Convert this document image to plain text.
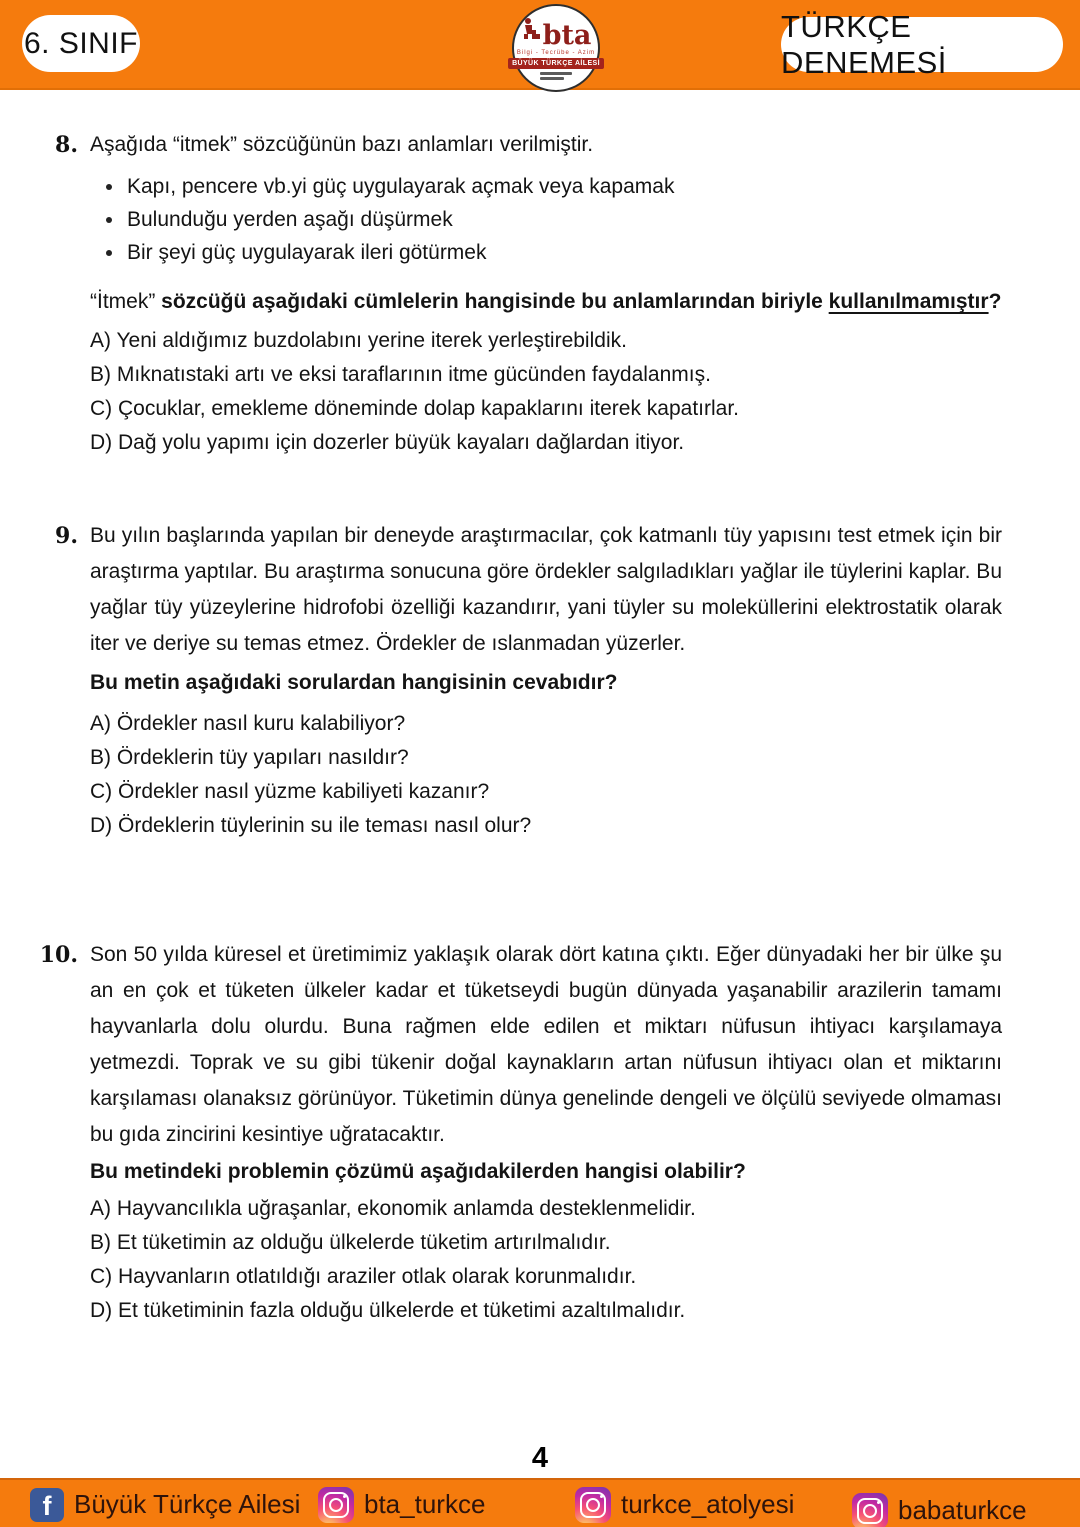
6. SINIF	bta
Bilgi - Tecrübe - Azim
BÜYÜK TÜRKÇE AİLESİ
TÜRKÇE DENEMESİ
8. Aşağıda “itmek” sözcüğünün bazı anlamları verilmiştir.

Kapı, pencere vb.yi güç uygulayarak açmak veya kapamak
Bulunduğu yerden aşağı düşürmek
Bir şeyi güç uygulayarak ileri götürmek

“İtmek” sözcüğü aşağıdaki cümlelerin hangisinde bu anlamlarından biriyle kullanılmamıştır?

A) Yeni aldığımız buzdolabını yerine iterek yerleştirebildik.
B) Mıknatıstaki artı ve eksi taraflarının itme gücünden faydalanmış.
C) Çocuklar, emekleme döneminde dolap kapaklarını iterek kapatırlar.
D) Dağ yolu yapımı için dozerler büyük kayaları dağlardan itiyor.
9. Bu yılın başlarında yapılan bir deneyde araştırmacılar, çok katmanlı tüy yapısını test etmek için bir araştırma yaptılar. Bu araştırma sonucuna göre ördekler salgıladıkları yağlar ile tüylerini kaplar. Bu yağlar tüy yüzeylerine hidrofobi özelliği kazandırır, yani tüyler su moleküllerini elektrostatik olarak iter ve deriye su temas etmez. Ördekler de ıslanmadan yüzerler.

Bu metin aşağıdaki sorulardan hangisinin cevabıdır?

A) Ördekler nasıl kuru kalabiliyor?
B) Ördeklerin tüy yapıları nasıldır?
C) Ördekler nasıl yüzme kabiliyeti kazanır?
D) Ördeklerin tüylerinin su ile teması nasıl olur?
10. Son 50 yılda küresel et üretimimiz yaklaşık olarak dört katına çıktı. Eğer dünyadaki her bir ülke şu an en çok et tüketen ülkeler kadar et tüketseydi bugün dünyada yaşanabilir arazilerin tamamı hayvanlarla dolu olurdu. Buna rağmen elde edilen et miktarı nüfusun ihtiyacı karşılamaya yetmezdi. Toprak ve su gibi tükenir doğal kaynakların artan nüfusun ihtiyacı olan et miktarını karşılaması olanaksız görünüyor. Tüketimin dünya genelinde dengeli ve ölçülü seviyede olmaması bu gıda zincirini kesintiye uğratacaktır.

Bu metindeki problemin çözümü aşağıdakilerden hangisi olabilir?

A) Hayvancılıkla uğraşanlar, ekonomik anlamda desteklenmelidir.
B) Et tüketimin az olduğu ülkelerde tüketim artırılmalıdır.
C) Hayvanların otlatıldığı araziler otlak olarak korunmalıdır.
D) Et tüketiminin fazla olduğu ülkelerde et tüketimi azaltılmalıdır.
4
f Büyük Türkçe Ailesi bta_turkce	turkce_atolyesi	babaturkce
